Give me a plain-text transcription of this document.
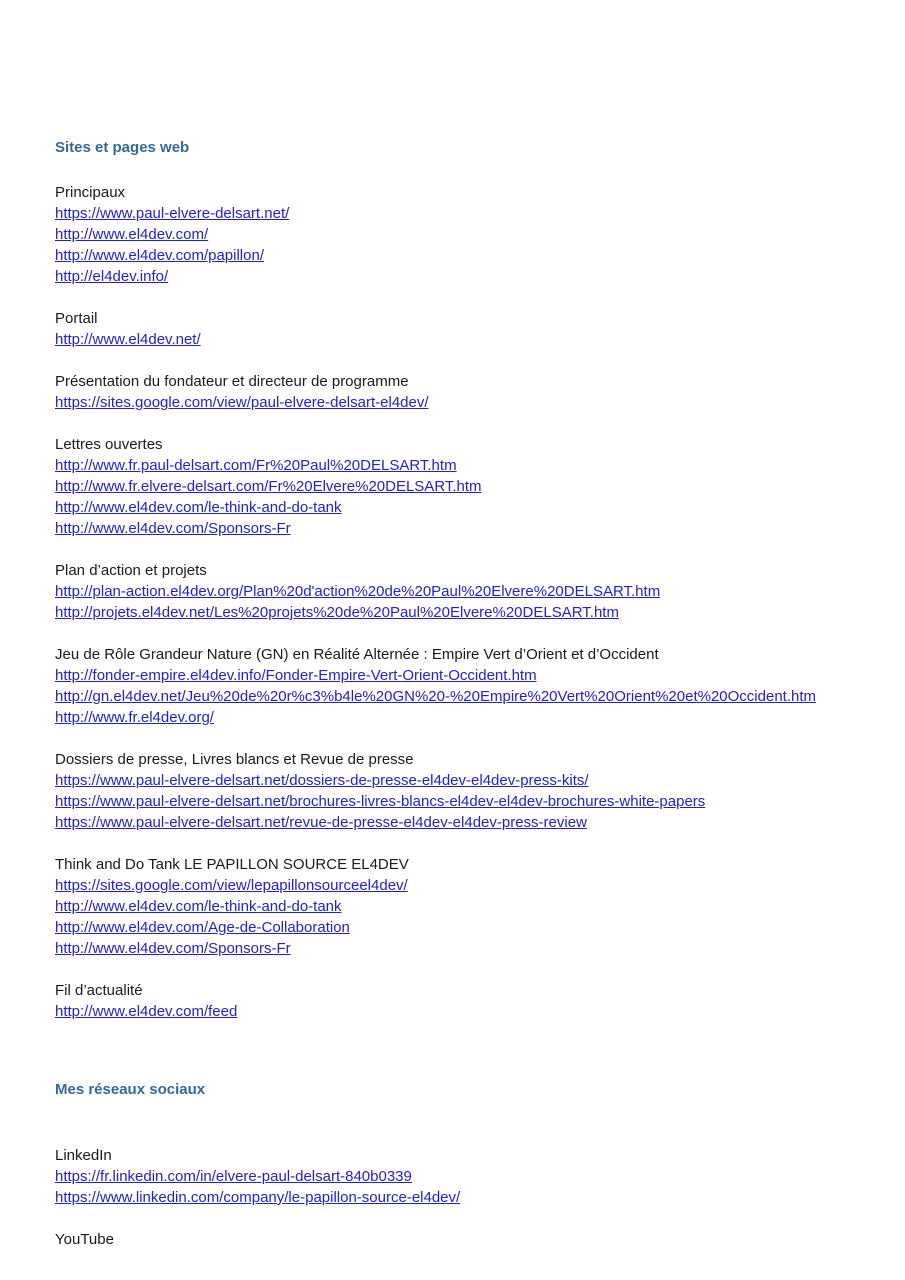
Sites et pages web
Principaux
https://www.paul-elvere-delsart.net/
http://www.el4dev.com/
http://www.el4dev.com/papillon/
http://el4dev.info/
Portail
http://www.el4dev.net/
Présentation du fondateur et directeur de programme
https://sites.google.com/view/paul-elvere-delsart-el4dev/
Lettres ouvertes
http://www.fr.paul-delsart.com/Fr%20Paul%20DELSART.htm
http://www.fr.elvere-delsart.com/Fr%20Elvere%20DELSART.htm
http://www.el4dev.com/le-think-and-do-tank
http://www.el4dev.com/Sponsors-Fr
Plan d’action et projets
http://plan-action.el4dev.org/Plan%20d'action%20de%20Paul%20Elvere%20DELSART.htm
http://projets.el4dev.net/Les%20projets%20de%20Paul%20Elvere%20DELSART.htm
Jeu de Rôle Grandeur Nature (GN) en Réalité Alternée : Empire Vert d’Orient et d’Occident
http://fonder-empire.el4dev.info/Fonder-Empire-Vert-Orient-Occident.htm
http://gn.el4dev.net/Jeu%20de%20r%c3%b4le%20GN%20-%20Empire%20Vert%20Orient%20et%20Occident.htm
http://www.fr.el4dev.org/
Dossiers de presse, Livres blancs et Revue de presse
https://www.paul-elvere-delsart.net/dossiers-de-presse-el4dev-el4dev-press-kits/
https://www.paul-elvere-delsart.net/brochures-livres-blancs-el4dev-el4dev-brochures-white-papers
https://www.paul-elvere-delsart.net/revue-de-presse-el4dev-el4dev-press-review
Think and Do Tank LE PAPILLON SOURCE EL4DEV
https://sites.google.com/view/lepapillonsourceel4dev/
http://www.el4dev.com/le-think-and-do-tank
http://www.el4dev.com/Age-de-Collaboration
http://www.el4dev.com/Sponsors-Fr
Fil d’actualité
http://www.el4dev.com/feed
Mes réseaux sociaux
LinkedIn
https://fr.linkedin.com/in/elvere-paul-delsart-840b0339
https://www.linkedin.com/company/le-papillon-source-el4dev/
YouTube
